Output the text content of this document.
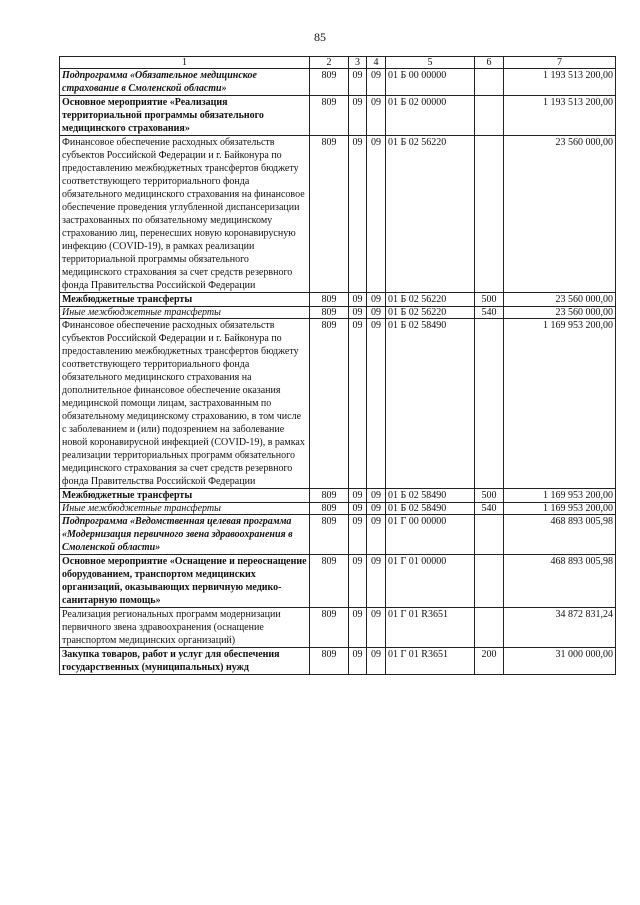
85
1	2	3	4	5	6	7
Подпрограмма «Обязательное медицинское страхование в Смоленской области»	809	09	09	01 Б 00 00000		1 193 513 200,00
Основное мероприятие «Реализация территориальной программы обязательного медицинского страхования»	809	09	09	01 Б 02 00000		1 193 513 200,00
Финансовое обеспечение расходных обязательств субъектов Российской Федерации и г. Байконура по предоставлению межбюджетных трансфертов бюджету соответствующего территориального фонда обязательного медицинского страхования на финансовое обеспечение проведения углубленной диспансеризации застрахованных по обязательному медицинскому страхованию лиц, перенесших новую коронавирусную инфекцию (COVID-19), в рамках реализации территориальной программы обязательного медицинского страхования за счет средств резервного фонда Правительства Российской Федерации	809	09	09	01 Б 02 56220		23 560 000,00
Межбюджетные трансферты	809	09	09	01 Б 02 56220	500	23 560 000,00
Иные межбюджетные трансферты	809	09	09	01 Б 02 56220	540	23 560 000,00
Финансовое обеспечение расходных обязательств субъектов Российской Федерации и г. Байконура по предоставлению межбюджетных трансфертов бюджету соответствующего территориального фонда обязательного медицинского страхования на дополнительное финансовое обеспечение оказания медицинской помощи лицам, застрахованным по обязательному медицинскому страхованию, в том числе с заболеванием и (или) подозрением на заболевание новой коронавирусной инфекцией (COVID-19), в рамках реализации территориальных программ обязательного медицинского страхования за счет средств резервного фонда Правительства Российской Федерации	809	09	09	01 Б 02 58490		1 169 953 200,00
Межбюджетные трансферты	809	09	09	01 Б 02 58490	500	1 169 953 200,00
Иные межбюджетные трансферты	809	09	09	01 Б 02 58490	540	1 169 953 200,00
Подпрограмма «Ведомственная целевая программа «Модернизация первичного звена здравоохранения в Смоленской области»	809	09	09	01 Г 00 00000		468 893 005,98
Основное мероприятие «Оснащение и переоснащение оборудованием, транспортом медицинских организаций, оказывающих первичную медико-санитарную помощь»	809	09	09	01 Г 01 00000		468 893 005,98
Реализация региональных программ модернизации первичного звена здравоохранения (оснащение транспортом медицинских организаций)	809	09	09	01 Г 01 R3651		34 872 831,24
Закупка товаров, работ и услуг для обеспечения государственных (муниципальных) нужд	809	09	09	01 Г 01 R3651	200	31 000 000,00
